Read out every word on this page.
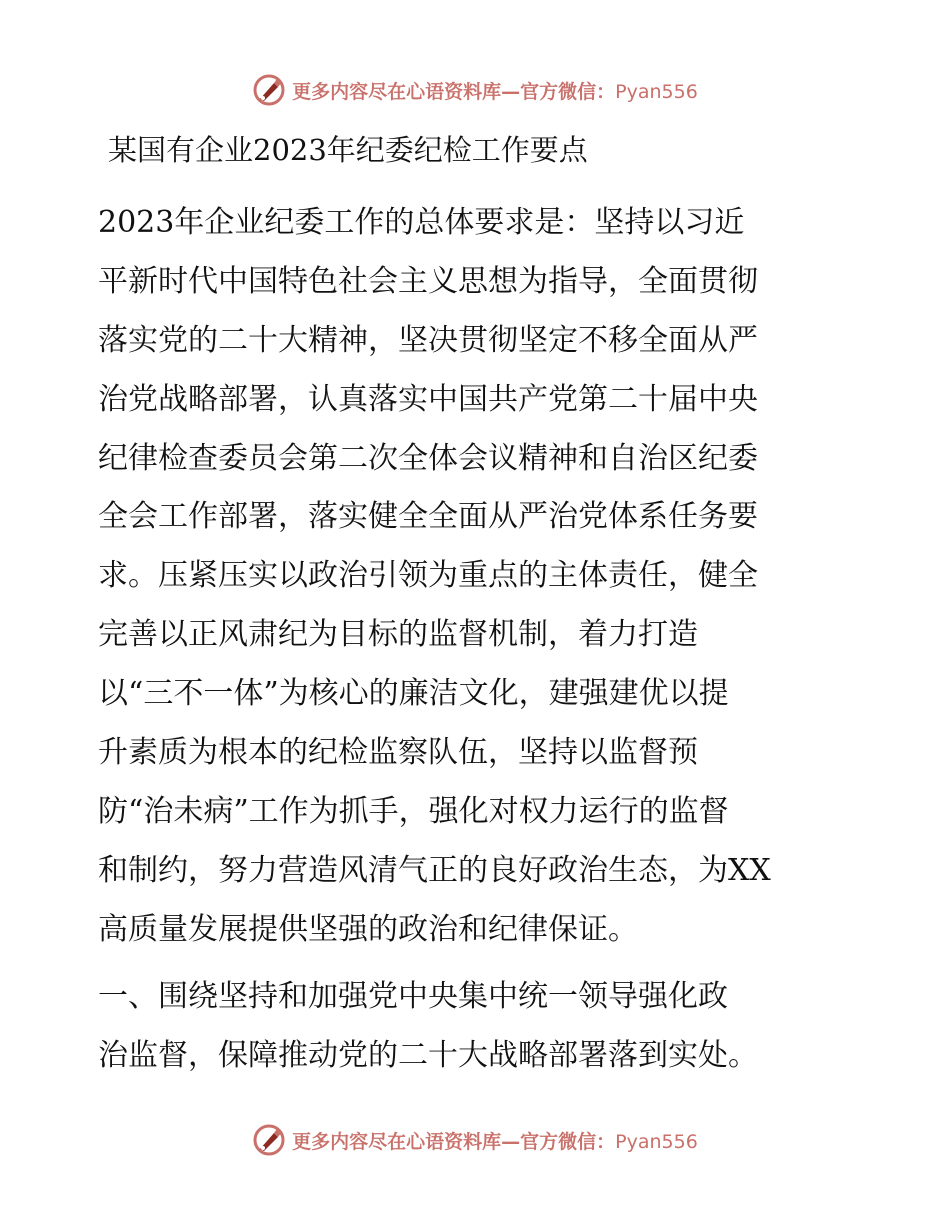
更多内容尽在心语资料库—官方微信：Pyan556
某国有企业2023年纪委纪检工作要点
2023年企业纪委工作的总体要求是：坚持以习近
平新时代中国特色社会主义思想为指导，全面贯彻
落实党的二十大精神，坚决贯彻坚定不移全面从严
治党战略部署，认真落实中国共产党第二十届中央
纪律检查委员会第二次全体会议精神和自治区纪委
全会工作部署，落实健全全面从严治党体系任务要
求。压紧压实以政治引领为重点的主体责任，健全
完善以正风肃纪为目标的监督机制，着力打造
以“三不一体”为核心的廉洁文化，建强建优以提
升素质为根本的纪检监察队伍，坚持以监督预
防“治未病”工作为抓手，强化对权力运行的监督
和制约，努力营造风清气正的良好政治生态，为XX
高质量发展提供坚强的政治和纪律保证。
一、围绕坚持和加强党中央集中统一领导强化政
治监督，保障推动党的二十大战略部署落到实处。
更多内容尽在心语资料库—官方微信：Pyan556
